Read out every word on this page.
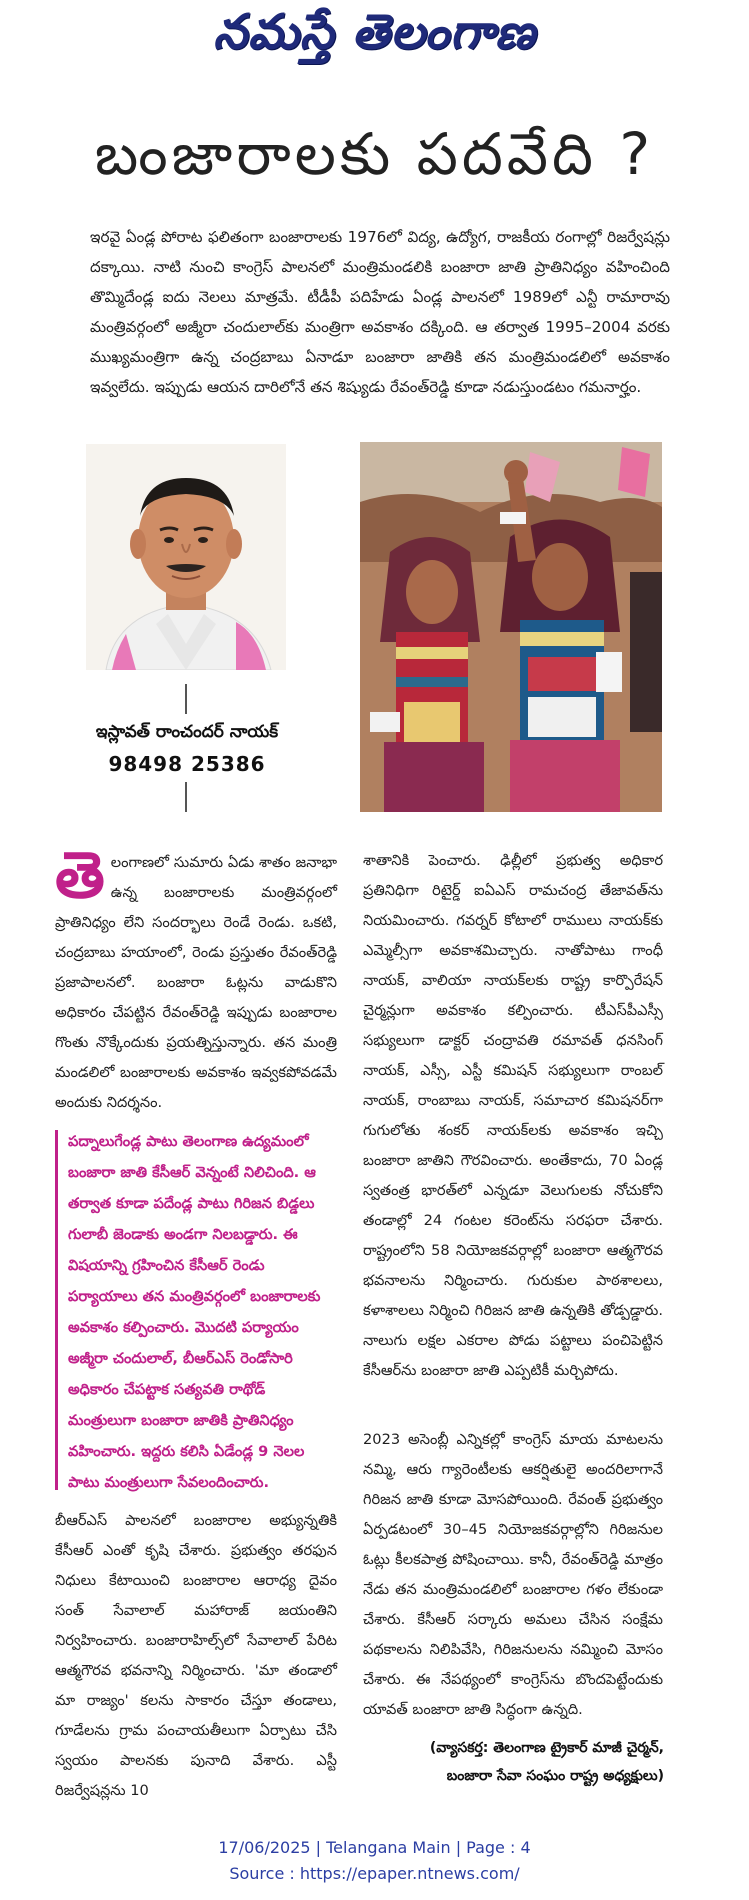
నమస్తే తెలంగాణ
బంజారాలకు పదవేది ?
ఇరవై ఏండ్ల పోరాట ఫలితంగా బంజారాలకు 1976లో విద్య, ఉద్యోగ, రాజకీయ రంగాల్లో రిజర్వేషన్లు దక్కాయి. నాటి నుంచి కాంగ్రెస్ పాలనలో మంత్రిమండలికి బంజారా జాతి ప్రాతినిధ్యం వహించింది తొమ్మిదేండ్ల ఐదు నెలలు మాత్రమే. టీడీపీ పదిహేడు ఏండ్ల పాలనలో 1989లో ఎన్టీ రామారావు మంత్రివర్గంలో అజ్మీరా చందులాల్‌కు మంత్రిగా అవకాశం దక్కింది. ఆ తర్వాత 1995–2004 వరకు ముఖ్యమంత్రిగా ఉన్న చంద్రబాబు ఏనాడూ బంజారా జాతికి తన మంత్రిమండలిలో అవకాశం ఇవ్వలేదు. ఇప్పుడు ఆయన దారిలోనే తన శిష్యుడు రేవంత్‌రెడ్డి కూడా నడుస్తుండటం గమనార్హం.
ఇస్లావత్ రాంచందర్ నాయక్
98498 25386
తెలంగాణలో సుమారు ఏడు శాతం జనాభా ఉన్న బంజారాలకు మంత్రివర్గంలో ప్రాతినిధ్యం లేని సందర్భాలు రెండే రెండు. ఒకటి, చంద్రబాబు హయాంలో, రెండు ప్రస్తుతం రేవంత్‌రెడ్డి ప్రజాపాలనలో. బంజారా ఓట్లను వాడుకొని అధికారం చేపట్టిన రేవంత్‌రెడ్డి ఇప్పుడు బంజారాల గొంతు నొక్కేందుకు ప్రయత్నిస్తున్నారు. తన మంత్రి మండలిలో బంజారాలకు అవకాశం ఇవ్వకపోవడమే అందుకు నిదర్శనం.
పద్నాలుగేండ్ల పాటు తెలంగాణ ఉద్యమంలో బంజారా జాతి కేసీఆర్ వెన్నంటే నిలిచింది. ఆ తర్వాత కూడా పదేండ్ల పాటు గిరిజన బిడ్డలు గులాబీ జెండాకు అండగా నిలబడ్డారు. ఈ విషయాన్ని గ్రహించిన కేసీఆర్ రెండు పర్యాయాలు తన మంత్రివర్గంలో బంజారాలకు అవకాశం కల్పించారు. మొదటి పర్యాయం అజ్మీరా చందులాల్, బీఆర్‌ఎస్ రెండోసారి అధికారం చేపట్టాక సత్యవతి రాథోడ్ మంత్రులుగా బంజారా జాతికి ప్రాతినిధ్యం వహించారు. ఇద్దరు కలిసి ఏడేండ్ల 9 నెలల పాటు మంత్రులుగా సేవలందించారు.
బీఆర్‌ఎస్ పాలనలో బంజారాల అభ్యున్నతికి కేసీఆర్ ఎంతో కృషి చేశారు. ప్రభుత్వం తరఫున నిధులు కేటాయించి బంజారాల ఆరాధ్య దైవం సంత్ సేవాలాల్ మహారాజ్ జయంతిని నిర్వహించారు. బంజారాహిల్స్‌లో సేవాలాల్ పేరిట ఆత్మగౌరవ భవనాన్ని నిర్మించారు. 'మా తండాలో మా రాజ్యం' కలను సాకారం చేస్తూ తండాలు, గూడేలను గ్రామ పంచాయతీలుగా ఏర్పాటు చేసి స్వయం పాలనకు పునాది వేశారు. ఎస్టీ రిజర్వేషన్లను 10
శాతానికి పెంచారు. ఢిల్లీలో ప్రభుత్వ అధికార ప్రతినిధిగా రిటైర్డ్ ఐఏఎస్ రామచంద్ర తేజావత్‌ను నియమించారు. గవర్నర్ కోటాలో రాములు నాయక్‌కు ఎమ్మెల్సీగా అవకాశమిచ్చారు. నాతోపాటు గాంధీ నాయక్, వాలియా నాయక్‌లకు రాష్ట్ర కార్పొరేషన్ చైర్మన్లుగా అవకాశం కల్పించారు. టీఎస్‌పీఎస్సీ సభ్యులుగా డాక్టర్ చంద్రావతి రమావత్ ధనసింగ్ నాయక్, ఎస్సీ, ఎస్టీ కమిషన్ సభ్యులుగా రాంబల్ నాయక్, రాంబాబు నాయక్, సమాచార కమిషనర్‌గా గుగులోతు శంకర్ నాయక్‌లకు అవకాశం ఇచ్చి బంజారా జాతిని గౌరవించారు. అంతేకాదు, 70 ఏండ్ల స్వతంత్ర భారత్‌లో ఎన్నడూ వెలుగులకు నోచుకోని తండాల్లో 24 గంటల కరెంట్‌ను సరఫరా చేశారు. రాష్ట్రంలోని 58 నియోజకవర్గాల్లో బంజారా ఆత్మగౌరవ భవనాలను నిర్మించారు. గురుకుల పాఠశాలలు, కళాశాలలు నిర్మించి గిరిజన జాతి ఉన్నతికి తోడ్పడ్డారు. నాలుగు లక్షల ఎకరాల పోడు పట్టాలు పంచిపెట్టిన కేసీఆర్‌ను బంజారా జాతి ఎప్పటికీ మర్చిపోదు.
2023 అసెంబ్లీ ఎన్నికల్లో కాంగ్రెస్ మాయ మాటలను నమ్మి, ఆరు గ్యారెంటీలకు ఆకర్షితులై అందరిలాగానే గిరిజన జాతి కూడా మోసపోయింది. రేవంత్ ప్రభుత్వం ఏర్పడటంలో 30–45 నియోజకవర్గాల్లోని గిరిజనుల ఓట్లు కీలకపాత్ర పోషించాయి. కానీ, రేవంత్‌రెడ్డి మాత్రం నేడు తన మంత్రిమండలిలో బంజారాల గళం లేకుండా చేశారు. కేసీఆర్ సర్కారు అమలు చేసిన సంక్షేమ పథకాలను నిలిపివేసి, గిరిజనులను నమ్మించి మోసం చేశారు. ఈ నేపథ్యంలో కాంగ్రెస్‌ను బొందపెట్టేందుకు యావత్ బంజారా జాతి సిద్ధంగా ఉన్నది.
(వ్యాసకర్త: తెలంగాణ ట్రైకార్ మాజీ చైర్మన్, బంజారా సేవా సంఘం రాష్ట్ర అధ్యక్షులు)
17/06/2025 | Telangana Main | Page : 4
Source : https://epaper.ntnews.com/
